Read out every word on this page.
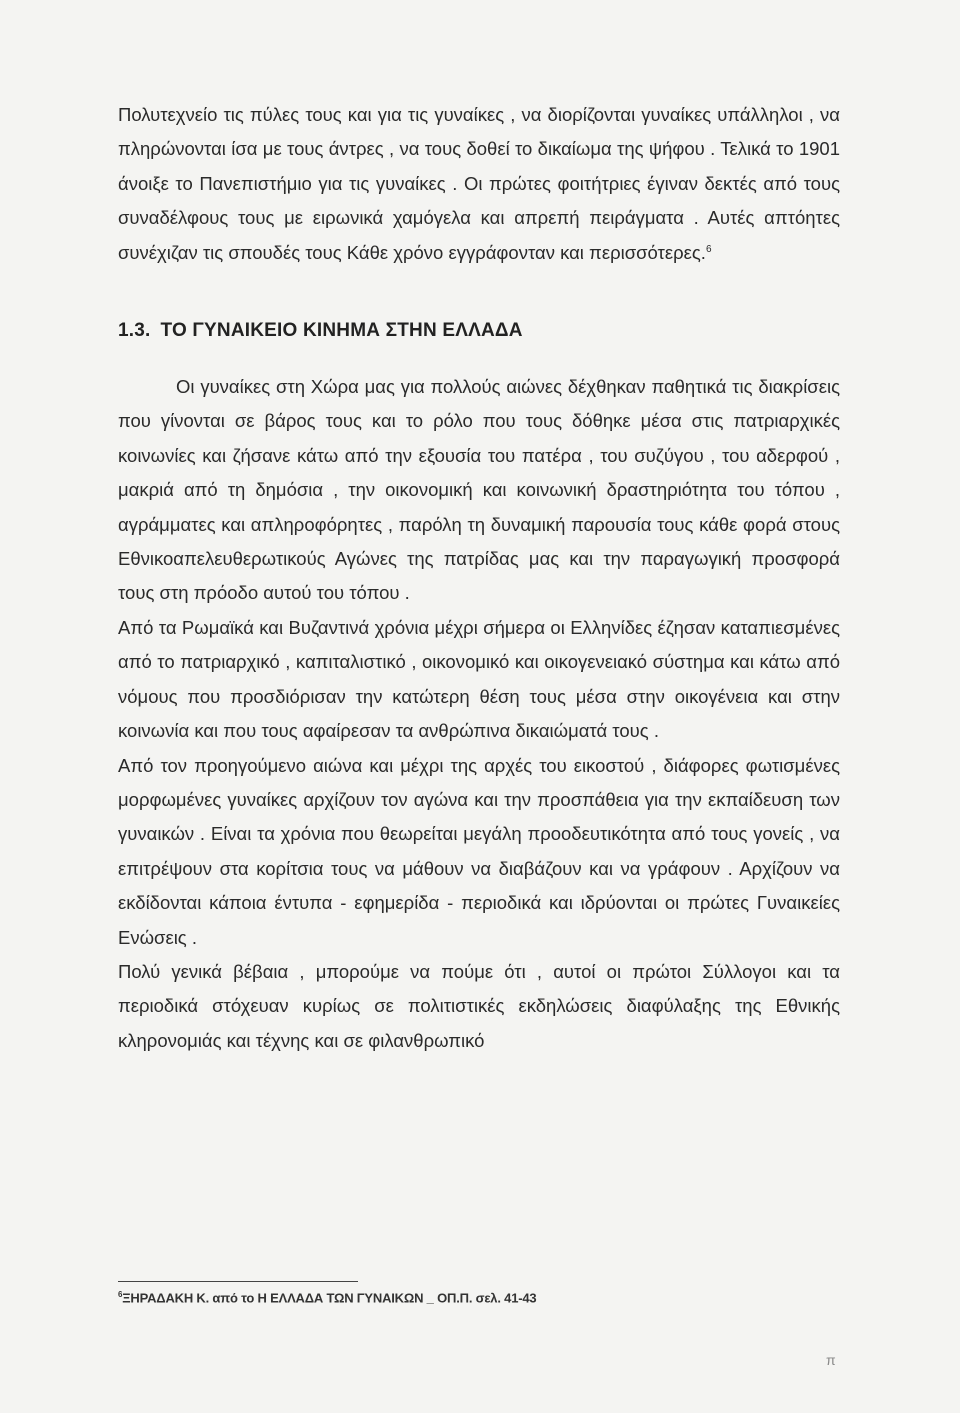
Πολυτεχνείο τις πύλες τους και για τις γυναίκες , να διορίζονται γυναίκες υπάλληλοι , να πληρώνονται ίσα με τους άντρες , να τους δοθεί το δικαίωμα της ψήφου . Τελικά το 1901 άνοιξε το Πανεπιστήμιο για τις γυναίκες . Οι πρώτες φοιτήτριες έγιναν δεκτές από τους συναδέλφους τους με ειρωνικά χαμόγελα και απρεπή πειράγματα . Αυτές απτόητες συνέχιζαν τις σπουδές τους Κάθε χρόνο εγγράφονταν και περισσότερες.$^6$

1.3. ΤΟ ΓΥΝΑΙΚΕΙΟ ΚΙΝΗΜΑ ΣΤΗΝ ΕΛΛΑΔΑ

Οι γυναίκες στη Χώρα μας για πολλούς αιώνες δέχθηκαν παθητικά τις διακρίσεις που γίνονται σε βάρος τους και το ρόλο που τους δόθηκε μέσα στις πατριαρχικές κοινωνίες και ζήσανε κάτω από την εξουσία του πατέρα , του συζύγου , του αδερφού , μακριά από τη δημόσια , την οικονομική και κοινωνική δραστηριότητα του τόπου , αγράμματες και απληροφόρητες , παρόλη τη δυναμική παρουσία τους κάθε φορά στους Εθνικοαπελευθερωτικούς Αγώνες της πατρίδας μας και την παραγωγική προσφορά τους στη πρόοδο αυτού του τόπου .

Από τα Ρωμαϊκά και Βυζαντινά χρόνια μέχρι σήμερα οι Ελληνίδες έζησαν καταπιεσμένες από το πατριαρχικό , καπιταλιστικό , οικονομικό και οικογενειακό σύστημα και κάτω από νόμους που προσδιόρισαν την κατώτερη θέση τους μέσα στην οικογένεια και στην κοινωνία και που τους αφαίρεσαν τα ανθρώπινα δικαιώματά τους .

Από τον προηγούμενο αιώνα και μέχρι της αρχές του εικοστού , διάφορες φωτισμένες μορφωμένες γυναίκες αρχίζουν τον αγώνα και την προσπάθεια για την εκπαίδευση των γυναικών . Είναι τα χρόνια που θεωρείται μεγάλη προοδευτικότητα από τους γονείς , να επιτρέψουν στα κορίτσια τους να μάθουν να διαβάζουν και να γράφουν . Αρχίζουν να εκδίδονται κάποια έντυπα - εφημερίδα - περιοδικά και ιδρύονται οι πρώτες Γυναικείες Ενώσεις .

Πολύ γενικά βέβαια , μπορούμε να πούμε ότι , αυτοί οι πρώτοι Σύλλογοι και τα περιοδικά στόχευαν κυρίως σε πολιτιστικές εκδηλώσεις διαφύλαξης της Εθνικής κληρονομιάς και τέχνης και σε φιλανθρωπικό

$^6$ΞΗΡΑΔΑΚΗ Κ. από το Η ΕΛΛΑΔΑ ΤΩΝ ΓΥΝΑΙΚΩΝ _ ΟΠ.Π. σελ. 41-43
π
